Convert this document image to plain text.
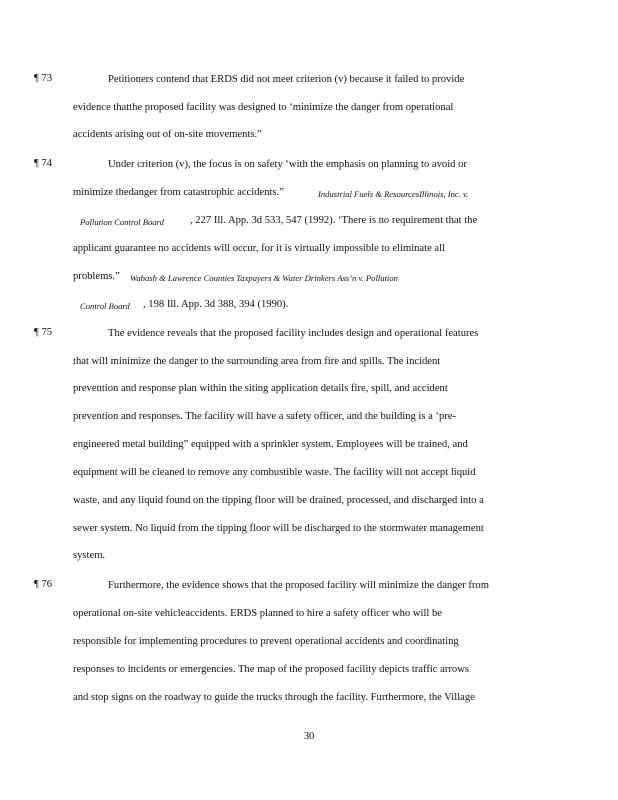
¶ 73	Petitioners contend that ERDS did not meet criterion (v) because it failed to provide
evidence thatthe proposed facility was designed to ‘minimize the danger from operational
accidents arising out of on-site movements.”
¶ 74	Under criterion (v), the focus is on safety ‘with the emphasis on planning to avoid or
minimize thedanger from catastrophic accidents.”	Industrial Fuels & ResourcesIllinois, Inc. v.
Pollution Control Board , 227 Ill. App. 3d 533, 547 (1992). ‘There is no requirement that the
applicant guarantee no accidents will occur, for it is virtually impossible to eliminate all
problems.” Wabash & Lawrence Counties Taxpayers & Water Drinkers Ass’n v. Pollution
Control Board , 198 Ill. App. 3d 388, 394 (1990).
¶ 75	The evidence reveals that the proposed facility includes design and operational features
that will minimize the danger to the surrounding area from fire and spills. The incident
prevention and response plan within the siting application details fire, spill, and accident
prevention and responses. The facility will have a safety officer, and the building is a ‘pre-
engineered metal building” equipped with a sprinkler system. Employees will be trained, and
equipment will be cleaned to remove any combustible waste. The facility will not accept liquid
waste, and any liquid found on the tipping floor will be drained, processed, and discharged into a
sewer system. No liquid from the tipping floor will be discharged to the stormwater management
system.
¶ 76	Furthermore, the evidence shows that the proposed facility will minimize the danger from
operational on-site vehicleaccidents. ERDS planned to hire a safety officer who will be
responsible for implementing procedures to prevent operational accidents and coordinating
responses to incidents or emergencies. The map of the proposed facility depicts traffic arrows
and stop signs on the roadway to guide the trucks through the facility. Furthermore, the Village
30
